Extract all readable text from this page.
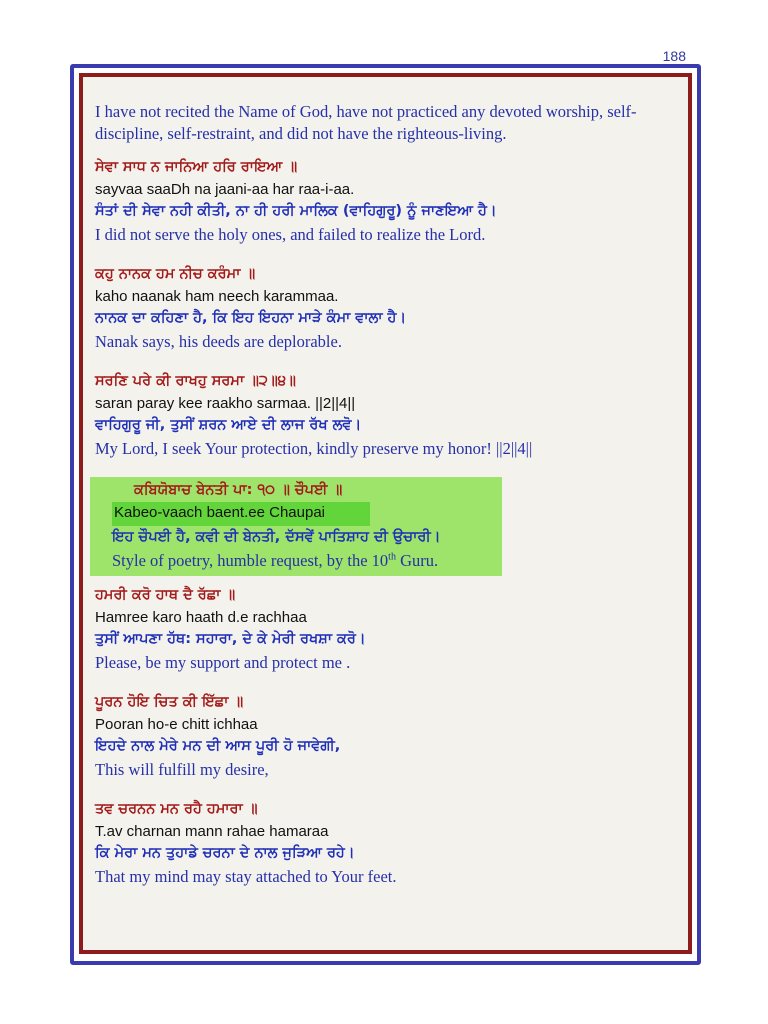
188

I have not recited the Name of God, have not practiced any devoted worship, self-discipline, self-restraint, and did not have the righteous-living.

ਸੇਵਾ ਸਾਧ ਨ ਜਾਨਿਆ ਹਰਿ ਰਾਇਆ ॥
sayvaa saaDh na jaani-aa har raa-i-aa.
ਸੰਤਾਂ ਦੀ ਸੇਵਾ ਨਹੀ ਕੀਤੀ, ਨਾ ਹੀ ਹਰੀ ਮਾਲਿਕ (ਵਾਹਿਗੁਰੂ) ਨੂੰ ਜਾਣਇਆ ਹੈ।
I did not serve the holy ones, and failed to realize the Lord.
ਕਹੁ ਨਾਨਕ ਹਮ ਨੀਚ ਕਰੰਮਾ ॥
kaho naanak ham neech karammaa.
ਨਾਨਕ ਦਾ ਕਹਿਣਾ ਹੈ, ਕਿ ਇਹ ਇਹਨਾ ਮਾੜੇ ਕੰਮਾ ਵਾਲਾ ਹੈ।
Nanak says, his deeds are deplorable.
ਸਰਣਿ ਪਰੇ ਕੀ ਰਾਖਹੁ ਸਰਮਾ ॥੨॥੪॥
saran paray kee raakho sarmaa. ||2||4||
ਵਾਹਿਗੁਰੂ ਜੀ, ਤੁਸੀਂ ਸ਼ਰਨ ਆਏ ਦੀ ਲਾਜ ਰੱਖ ਲਵੋ।
My Lord, I seek Your protection, kindly preserve my honor! ||2||4||
ਕਬਿਯੋਬਾਚ ਬੇਨਤੀ ਪਾ: ੧੦ ॥ ਚੌਪਈ ॥
Kabeo-vaach baent.ee Chaupai
ਇਹ ਚੌਪਈ ਹੈ, ਕਵੀ ਦੀ ਬੇਨਤੀ, ਦੱਸਵੇਂ ਪਾਤਿਸ਼ਾਹ ਦੀ ਉਚਾਰੀ।
Style of poetry, humble request, by the 10th Guru.
ਹਮਰੀ ਕਰੋ ਹਾਥ ਦੈ ਰੱਛਾ ॥
Hamree karo haath d.e rachhaa
ਤੁਸੀਂ ਆਪਣਾ ਹੱਥ: ਸਹਾਰਾ, ਦੇ ਕੇ ਮੇਰੀ ਰਖਸ਼ਾ ਕਰੋ।
Please, be my support and protect me .
ਪੂਰਨ ਹੋਇ ਚਿਤ ਕੀ ਇੱਛਾ ॥
Pooran ho-e chitt ichhaa
ਇਹਦੇ ਨਾਲ ਮੇਰੇ ਮਨ ਦੀ ਆਸ ਪੂਰੀ ਹੋ ਜਾਵੇਗੀ,
This will fulfill my desire,
ਤਵ ਚਰਨਨ ਮਨ ਰਹੈ ਹਮਾਰਾ ॥
T.av charnan mann rahae hamaraa
ਕਿ ਮੇਰਾ ਮਨ ਤੁਹਾਡੇ ਚਰਨਾ ਦੇ ਨਾਲ ਜੁੜਿਆ ਰਹੇ।
That my mind may stay attached to Your feet.
